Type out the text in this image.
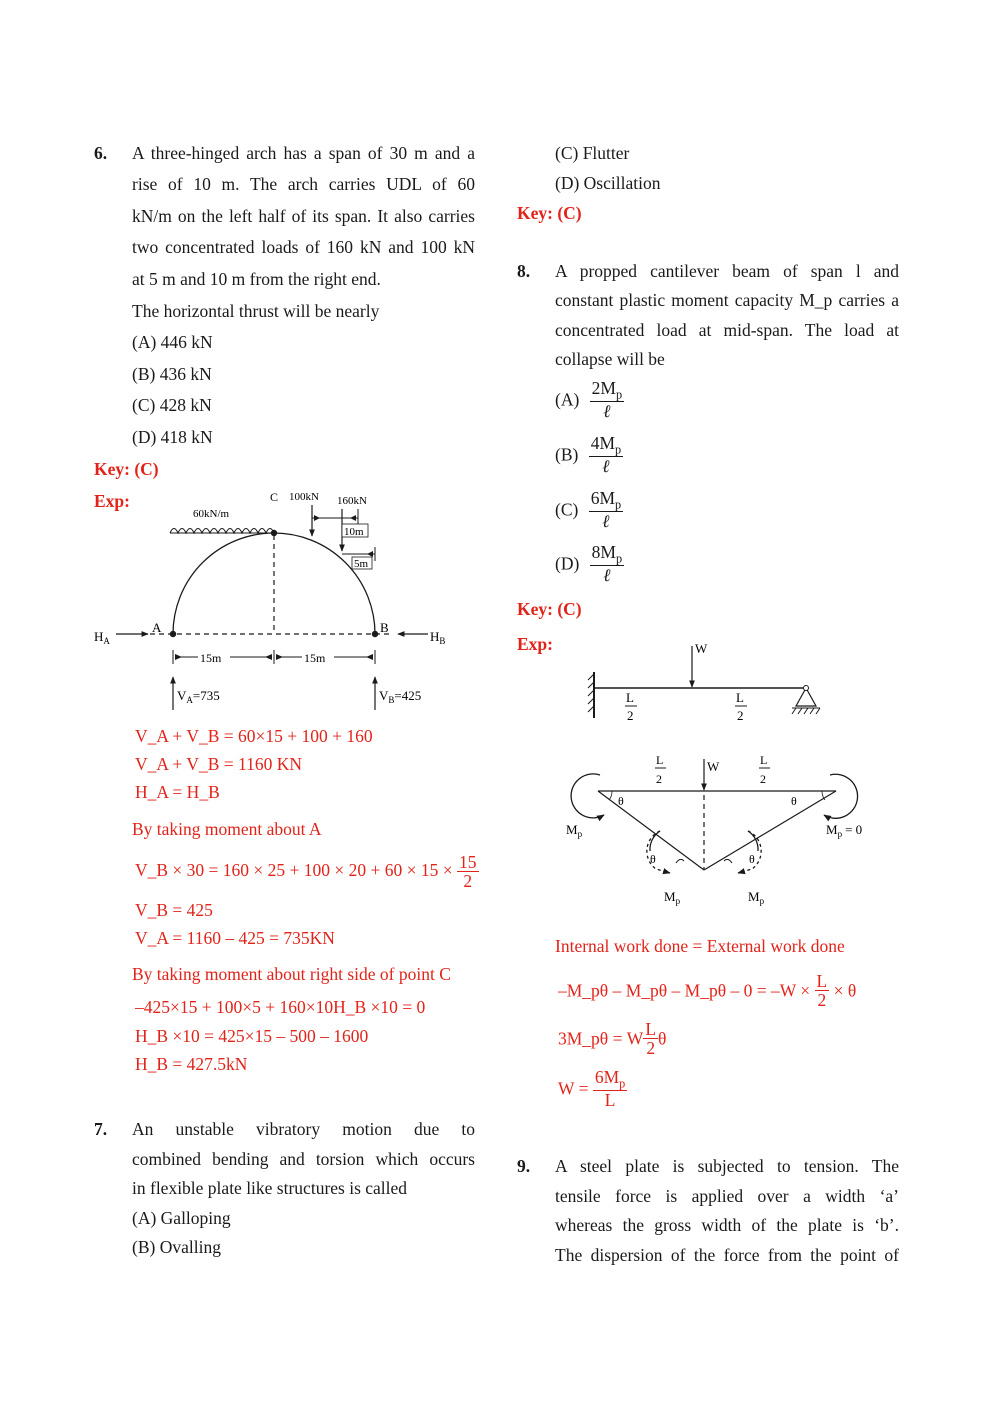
6. A three-hinged arch has a span of 30 m and a
rise of 10 m. The arch carries UDL of 60
kN/m on the left half of its span. It also carries
two concentrated loads of 160 kN and 100 kN
at 5 m and 10 m from the right end.
The horizontal thrust will be nearly
(A) 446 kN
(B) 436 kN
(C) 428 kN
(D) 418 kN
Key: (C)
Exp:
60kN/m
C 100kN 160kN
10m
5m
A	B
$H_A$	$H_B$
15m	15m
$V_A=735$	$V_B=425$
V_A + V_B = 60×15 + 100 + 160
V_A + V_B = 1160 KN
H_A = H_B
By taking moment about A
V_B × $30 = 160 \times 25 + 100 \times 20 + 60 \times 15 \times \frac{15}{2}$
V_B = 425
V_A = 1160 – 425 = 735KN
By taking moment about right side of point C
–425×15 + 100×5 + 160×10H_B ×10 = 0
H_B ×10 = 425×15 – 500 – 1600
H_B = 427.5kN
7. An unstable vibratory motion due to
combined bending and torsion which occurs
in flexible plate like structures is called
(A) Galloping
(B) Ovalling
(C) Flutter
(D) Oscillation
Key: (C)
8. A propped cantilever beam of span l and
constant plastic moment capacity M_p carries a
concentrated load at mid-span. The load at
collapse will be
$(A) \frac{2M_p}{\text{ℓ}}$
$(B) \frac{4M_p}{\text{ℓ}}$
$(C) \frac{6M_p}{\text{ℓ}}$
$(D) \frac{8M_p}{\text{ℓ}}$
Key: (C)
Exp:	W
L
2
L
2
W
L
2
L
2
θ
$M_p$
θ
$M_p = 0$
θ	θ
$M_p$	$M_p$
Internal work done = External work done
–M_pθ – M_pθ – M_pθ – $0 = -W \times \frac{L}{2} \times \theta$
3M_pθ = W $\frac{L}{2}$ θ
$W = \frac{6M_p}{L}$
9. A steel plate is subjected to tension. The
tensile force is applied over a width ‘a’
whereas the gross width of the plate is ‘b’.
The dispersion of the force from the point of
